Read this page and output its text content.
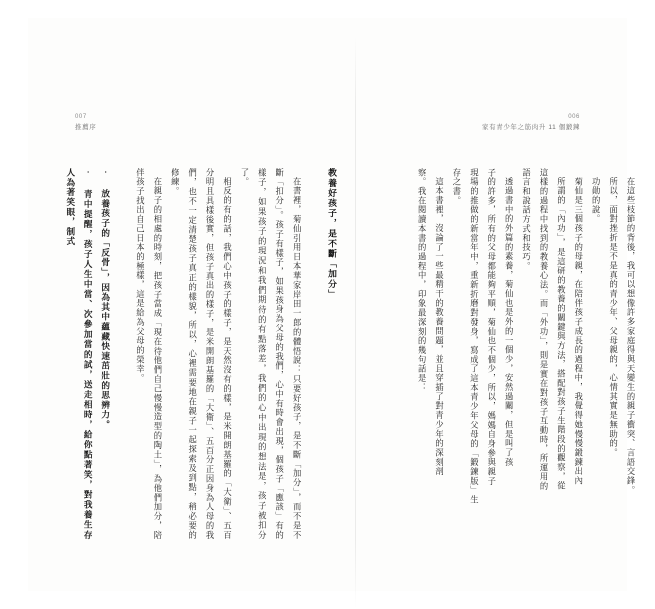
007
推薦序
006
家有青少年之筋肉升 11 個鍛鍊

在這些枝節的背後，我可以想像許多家庭得與天變生的親子衝突、言語交鋒。

所以，面對挫折是不是真的青少年、父母親的，心情其實是無助的。

功勛的說。

菊仙是三個孩子的母親，在陪伴孩子成長的過程中，我覺得她慢慢鍛鍊出內

所謂的「內功」，是這研的教養的關鍵與方法，搭配對孩子生階段的觀察，從

這樣的過程中找到的教養心法。而「外功」，則是實在對孩子互動時，所運用的

語言和說話方式和技巧。

透過書中的外篇的素養，菊仙也是外的一個少，安然過關，但是叫了孩

子的許多，所有的父母都能夠平順，菊仙也不個少，所以，媽媽自身參與親子

現場的推做的新當年中，重新折磨對發身，寫成了這本青少年父母的「鍛鍊版」生

存之書。

這本書裡，沒論了一些最精干的教養問題，並且穿插了對青少年的深刻剖

察。我在閱讀本書的過程中，印象最深刻的幾句話是：

教養好孩子，是不斷「加分」

在書裡，菊仙引用日本華家岸田一郎的體悟說：只要好孩子，是不斷「加分」，而不是不斷「扣分」。孩子有樣子，如果孩身為父母的我們，心中有時會出現，個孩子「應該」有的樣子，如果孩子的現況和我們期待的有點落差，我們的心中出現的想法是，孩子被扣分了。

相反的有的話，我們心中孩子的樣子，是天然沒有的樣，是米開朗基羅的「大衛」、五百分明且具樣後實，但孩子真出的樣子，是米開朗基羅的「大衛」、五百分正因身為人母的我們，也不一定清楚孩子真正的樣貌，所以，心裡需要地在親子一起探索及到點，稍必要的修練。

在親子的相處的時刻，把孩子當成「現在待他們自己慢慢造型的陶土」，為他們加分，陪伴孩子找出自己日本的極樣，這是給為父母的榮幸。

‧ 放養孩子的「反骨」，因為其中蘊藏快速茁壯的思辨力。

‧ 青中提醒，孩子人生中當、次參加當的試，送走相時，給你點著笑，對我養生存人為著笑眼，制式
